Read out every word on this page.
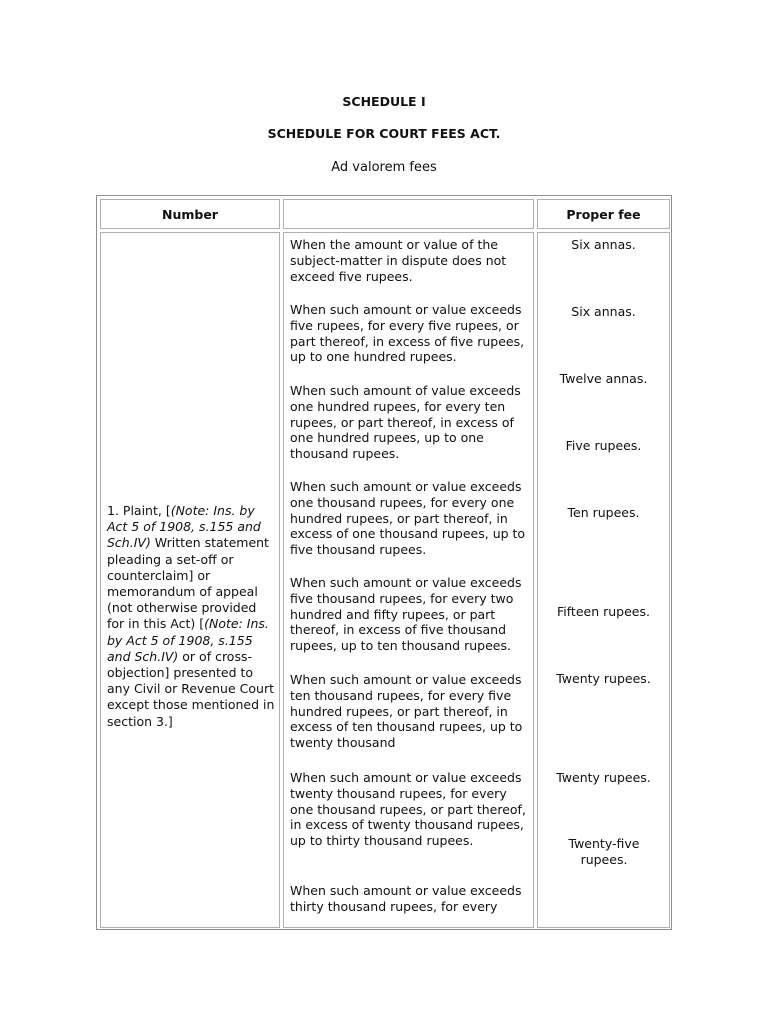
SCHEDULE I
SCHEDULE FOR COURT FEES ACT.
Ad valorem fees
Number	Proper fee
1. Plaint, [(Note: Ins. by Act 5 of 1908, s.155 and Sch.IV) Written statement pleading a set-off or counterclaim] or memorandum of appeal (not otherwise provided for in this Act) [(Note: Ins. by Act 5 of 1908, s.155 and Sch.IV) or of cross-objection] presented to any Civil or Revenue Court except those mentioned in section 3.]
When the amount or value of the subject-matter in dispute does not exceed five rupees.
When such amount or value exceeds five rupees, for every five rupees, or part thereof, in excess of five rupees, up to one hundred rupees.
When such amount of value exceeds one hundred rupees, for every ten rupees, or part thereof, in excess of one hundred rupees, up to one thousand rupees.
When such amount or value exceeds one thousand rupees, for every one hundred rupees, or part thereof, in excess of one thousand rupees, up to five thousand rupees.
When such amount or value exceeds five thousand rupees, for every two hundred and fifty rupees, or part thereof, in excess of five thousand rupees, up to ten thousand rupees.
When such amount or value exceeds ten thousand rupees, for every five hundred rupees, or part thereof, in excess of ten thousand rupees, up to twenty thousand
When such amount or value exceeds twenty thousand rupees, for every one thousand rupees, or part thereof, in excess of twenty thousand rupees, up to thirty thousand rupees.
When such amount or value exceeds thirty thousand rupees, for every
Six annas.
Six annas.
Twelve annas.
Five rupees.
Ten rupees.
Fifteen rupees.
Twenty rupees.
Twenty rupees.
Twenty-five rupees.
